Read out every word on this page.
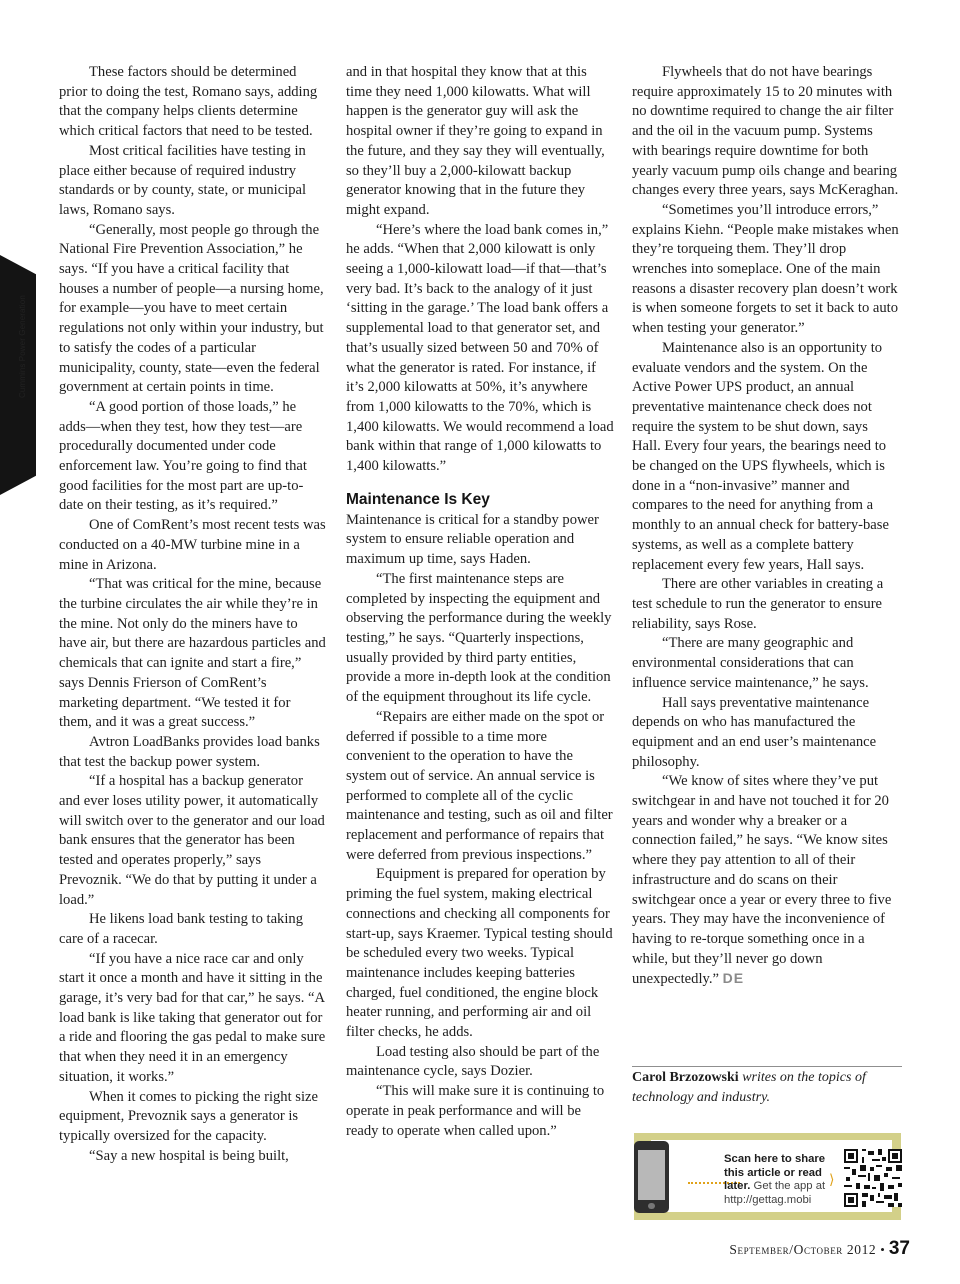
Cummins Power Generation

These factors should be determined prior to doing the test, Romano says, adding that the company helps clients determine which critical factors that need to be tested.

Most critical facilities have testing in place either because of required industry standards or by county, state, or municipal laws, Romano says.

“Generally, most people go through the National Fire Prevention Association,” he says. “If you have a critical facility that houses a number of people—a nursing home, for example—you have to meet certain regulations not only within your industry, but to satisfy the codes of a particular municipality, county, state—even the federal government at certain points in time.

“A good portion of those loads,” he adds—when they test, how they test—are procedurally documented under code enforcement law. You’re going to find that good facilities for the most part are up-to-date on their testing, as it’s required.”

One of ComRent’s most recent tests was conducted on a 40-MW turbine mine in a mine in Arizona.

“That was critical for the mine, because the turbine circulates the air while they’re in the mine. Not only do the miners have to have air, but there are hazardous particles and chemicals that can ignite and start a fire,” says Dennis Frierson of ComRent’s marketing department. “We tested it for them, and it was a great success.”

Avtron LoadBanks provides load banks that test the backup power system.

“If a hospital has a backup generator and ever loses utility power, it automatically will switch over to the generator and our load bank ensures that the generator has been tested and operates properly,” says Prevoznik. “We do that by putting it under a load.”

He likens load bank testing to taking care of a racecar.

“If you have a nice race car and only start it once a month and have it sitting in the garage, it’s very bad for that car,” he says. “A load bank is like taking that generator out for a ride and flooring the gas pedal to make sure that when they need it in an emergency situation, it works.”

When it comes to picking the right size equipment, Prevoznik says a generator is typically oversized for the capacity.

“Say a new hospital is being built,

and in that hospital they know that at this time they need 1,000 kilowatts. What will happen is the generator guy will ask the hospital owner if they’re going to expand in the future, and they say they will eventually, so they’ll buy a 2,000-kilowatt backup generator knowing that in the future they might expand.

“Here’s where the load bank comes in,” he adds. “When that 2,000 kilowatt is only seeing a 1,000-kilowatt load—if that—that’s very bad. It’s back to the analogy of it just ‘sitting in the garage.’ The load bank offers a supplemental load to that generator set, and that’s usually sized between 50 and 70% of what the generator is rated. For instance, if it’s 2,000 kilowatts at 50%, it’s anywhere from 1,000 kilowatts to the 70%, which is 1,400 kilowatts. We would recommend a load bank within that range of 1,000 kilowatts to 1,400 kilowatts.”

Maintenance Is Key

Maintenance is critical for a standby power system to ensure reliable operation and maximum up time, says Haden.

“The first maintenance steps are completed by inspecting the equipment and observing the performance during the weekly testing,” he says. “Quarterly inspections, usually provided by third party entities, provide a more in-depth look at the condition of the equipment throughout its life cycle.

“Repairs are either made on the spot or deferred if possible to a time more convenient to the operation to have the system out of service. An annual service is performed to complete all of the cyclic maintenance and testing, such as oil and filter replacement and performance of repairs that were deferred from previous inspections.”

Equipment is prepared for operation by priming the fuel system, making electrical connections and checking all components for start-up, says Kraemer. Typical testing should be scheduled every two weeks. Typical maintenance includes keeping batteries charged, fuel conditioned, the engine block heater running, and performing air and oil filter checks, he adds.

Load testing also should be part of the maintenance cycle, says Dozier.

“This will make sure it is continuing to operate in peak performance and will be ready to operate when called upon.”

Flywheels that do not have bearings require approximately 15 to 20 minutes with no downtime required to change the air filter and the oil in the vacuum pump. Systems with bearings require downtime for both yearly vacuum pump oils change and bearing changes every three years, says McKeraghan.

“Sometimes you’ll introduce errors,” explains Kiehn. “People make mistakes when they’re torqueing them. They’ll drop wrenches into someplace. One of the main reasons a disaster recovery plan doesn’t work is when someone forgets to set it back to auto when testing your generator.”

Maintenance also is an opportunity to evaluate vendors and the system. On the Active Power UPS product, an annual preventative maintenance check does not require the system to be shut down, says Hall. Every four years, the bearings need to be changed on the UPS flywheels, which is done in a “non-invasive” manner and compares to the need for anything from a monthly to an annual check for battery-base systems, as well as a complete battery replacement every few years, Hall says.

There are other variables in creating a test schedule to run the generator to ensure reliability, says Rose.

“There are many geographic and environmental considerations that can influence service maintenance,” he says.

Hall says preventative maintenance depends on who has manufactured the equipment and an end user’s maintenance philosophy.

“We know of sites where they’ve put switchgear in and have not touched it for 20 years and wonder why a breaker or a connection failed,” he says. “We know sites where they pay attention to all of their infrastructure and do scans on their switchgear once a year or every three to five years. They may have the inconvenience of having to re-torque something once in a while, but they’ll never go down unexpectedly.” DE

Carol Brzozowski writes on the topics of technology and industry.
⟩
Scan here to share this article or read later. Get the app at http://gettag.mobi
September/October 2012 • 37
